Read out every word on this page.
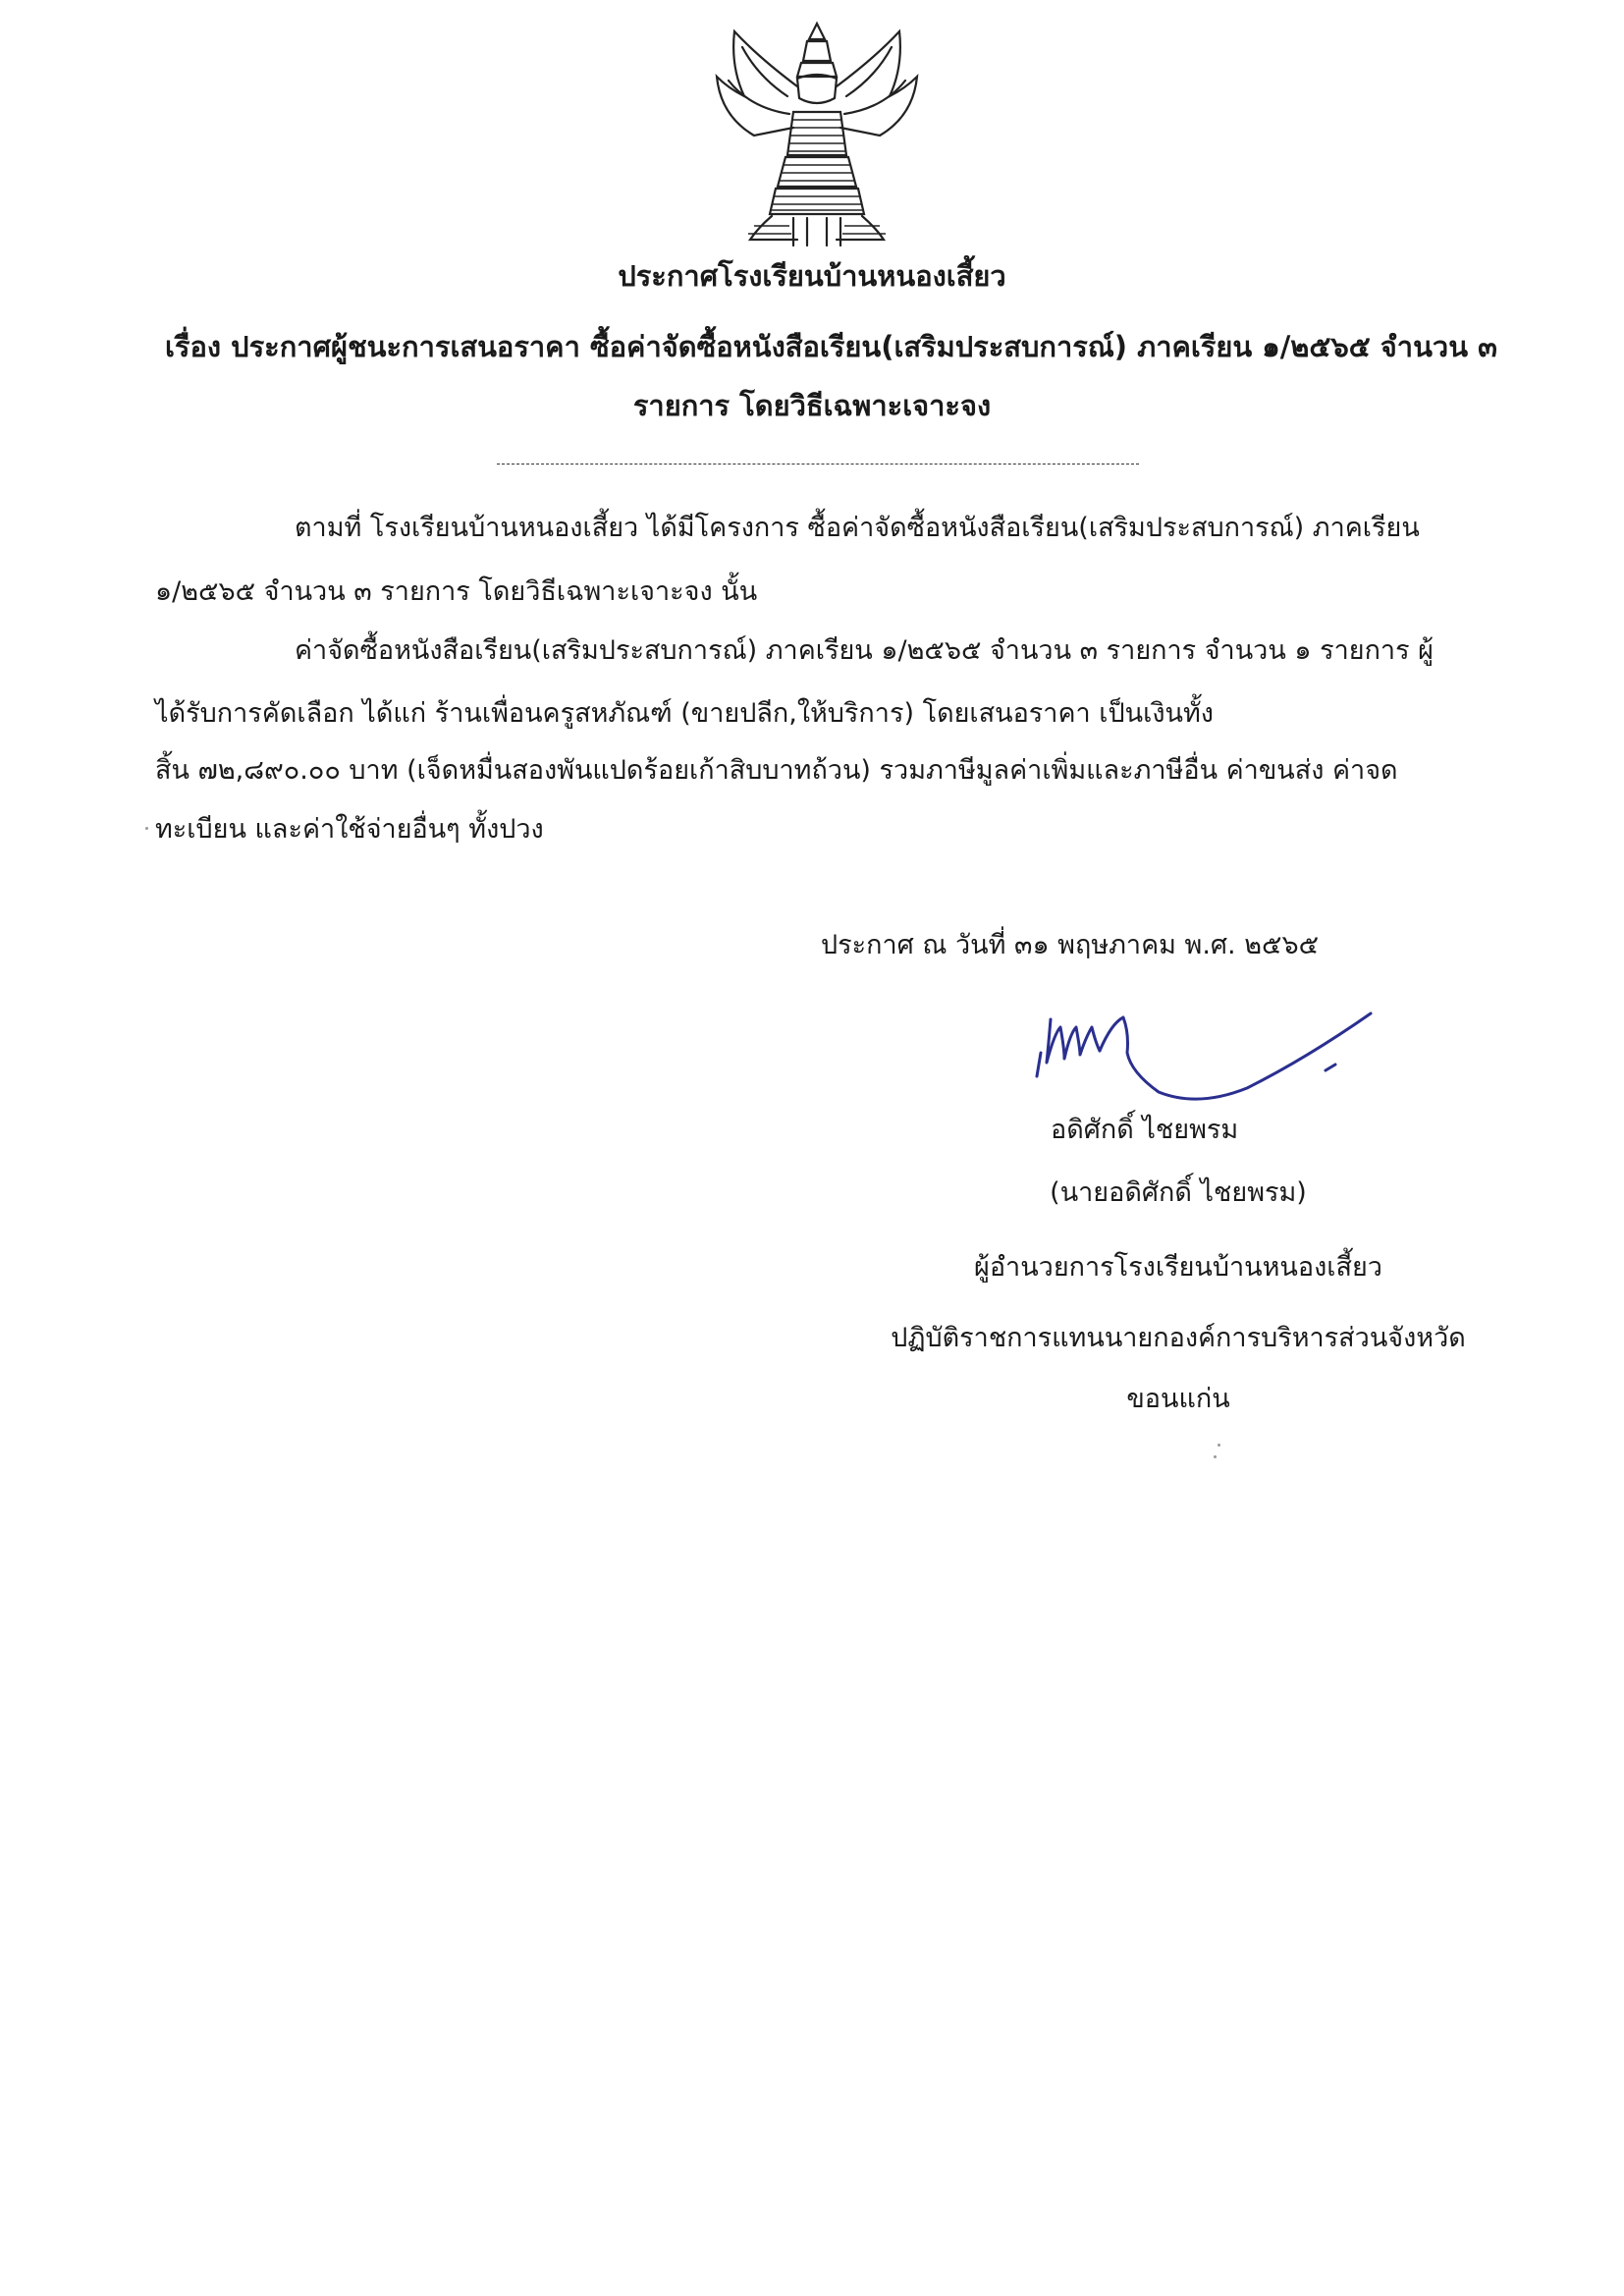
ประกาศโรงเรียนบ้านหนองเสี้ยว

เรื่อง ประกาศผู้ชนะการเสนอราคา ซื้อค่าจัดซื้อหนังสือเรียน(เสริมประสบการณ์) ภาคเรียน ๑/๒๕๖๕ จำนวน ๓

รายการ โดยวิธีเฉพาะเจาะจง

ตามที่ โรงเรียนบ้านหนองเสี้ยว ได้มีโครงการ ซื้อค่าจัดซื้อหนังสือเรียน(เสริมประสบการณ์) ภาคเรียน

๑/๒๕๖๕ จำนวน ๓ รายการ โดยวิธีเฉพาะเจาะจง นั้น

ค่าจัดซื้อหนังสือเรียน(เสริมประสบการณ์) ภาคเรียน ๑/๒๕๖๕ จำนวน ๓ รายการ จำนวน ๑ รายการ ผู้

ได้รับการคัดเลือก ได้แก่ ร้านเพื่อนครูสหภัณฑ์ (ขายปลีก,ให้บริการ) โดยเสนอราคา เป็นเงินทั้ง

สิ้น ๗๒,๘๙๐.๐๐ บาท (เจ็ดหมื่นสองพันแปดร้อยเก้าสิบบาทถ้วน) รวมภาษีมูลค่าเพิ่มและภาษีอื่น ค่าขนส่ง ค่าจด

ทะเบียน และค่าใช้จ่ายอื่นๆ ทั้งปวง

ประกาศ ณ วันที่ ๓๑ พฤษภาคม พ.ศ. ๒๕๖๕

อดิศักดิ์ ไชยพรม

(นายอดิศักดิ์ ไชยพรม)

ผู้อำนวยการโรงเรียนบ้านหนองเสี้ยว

ปฏิบัติราชการแทนนายกองค์การบริหารส่วนจังหวัด

ขอนแก่น
